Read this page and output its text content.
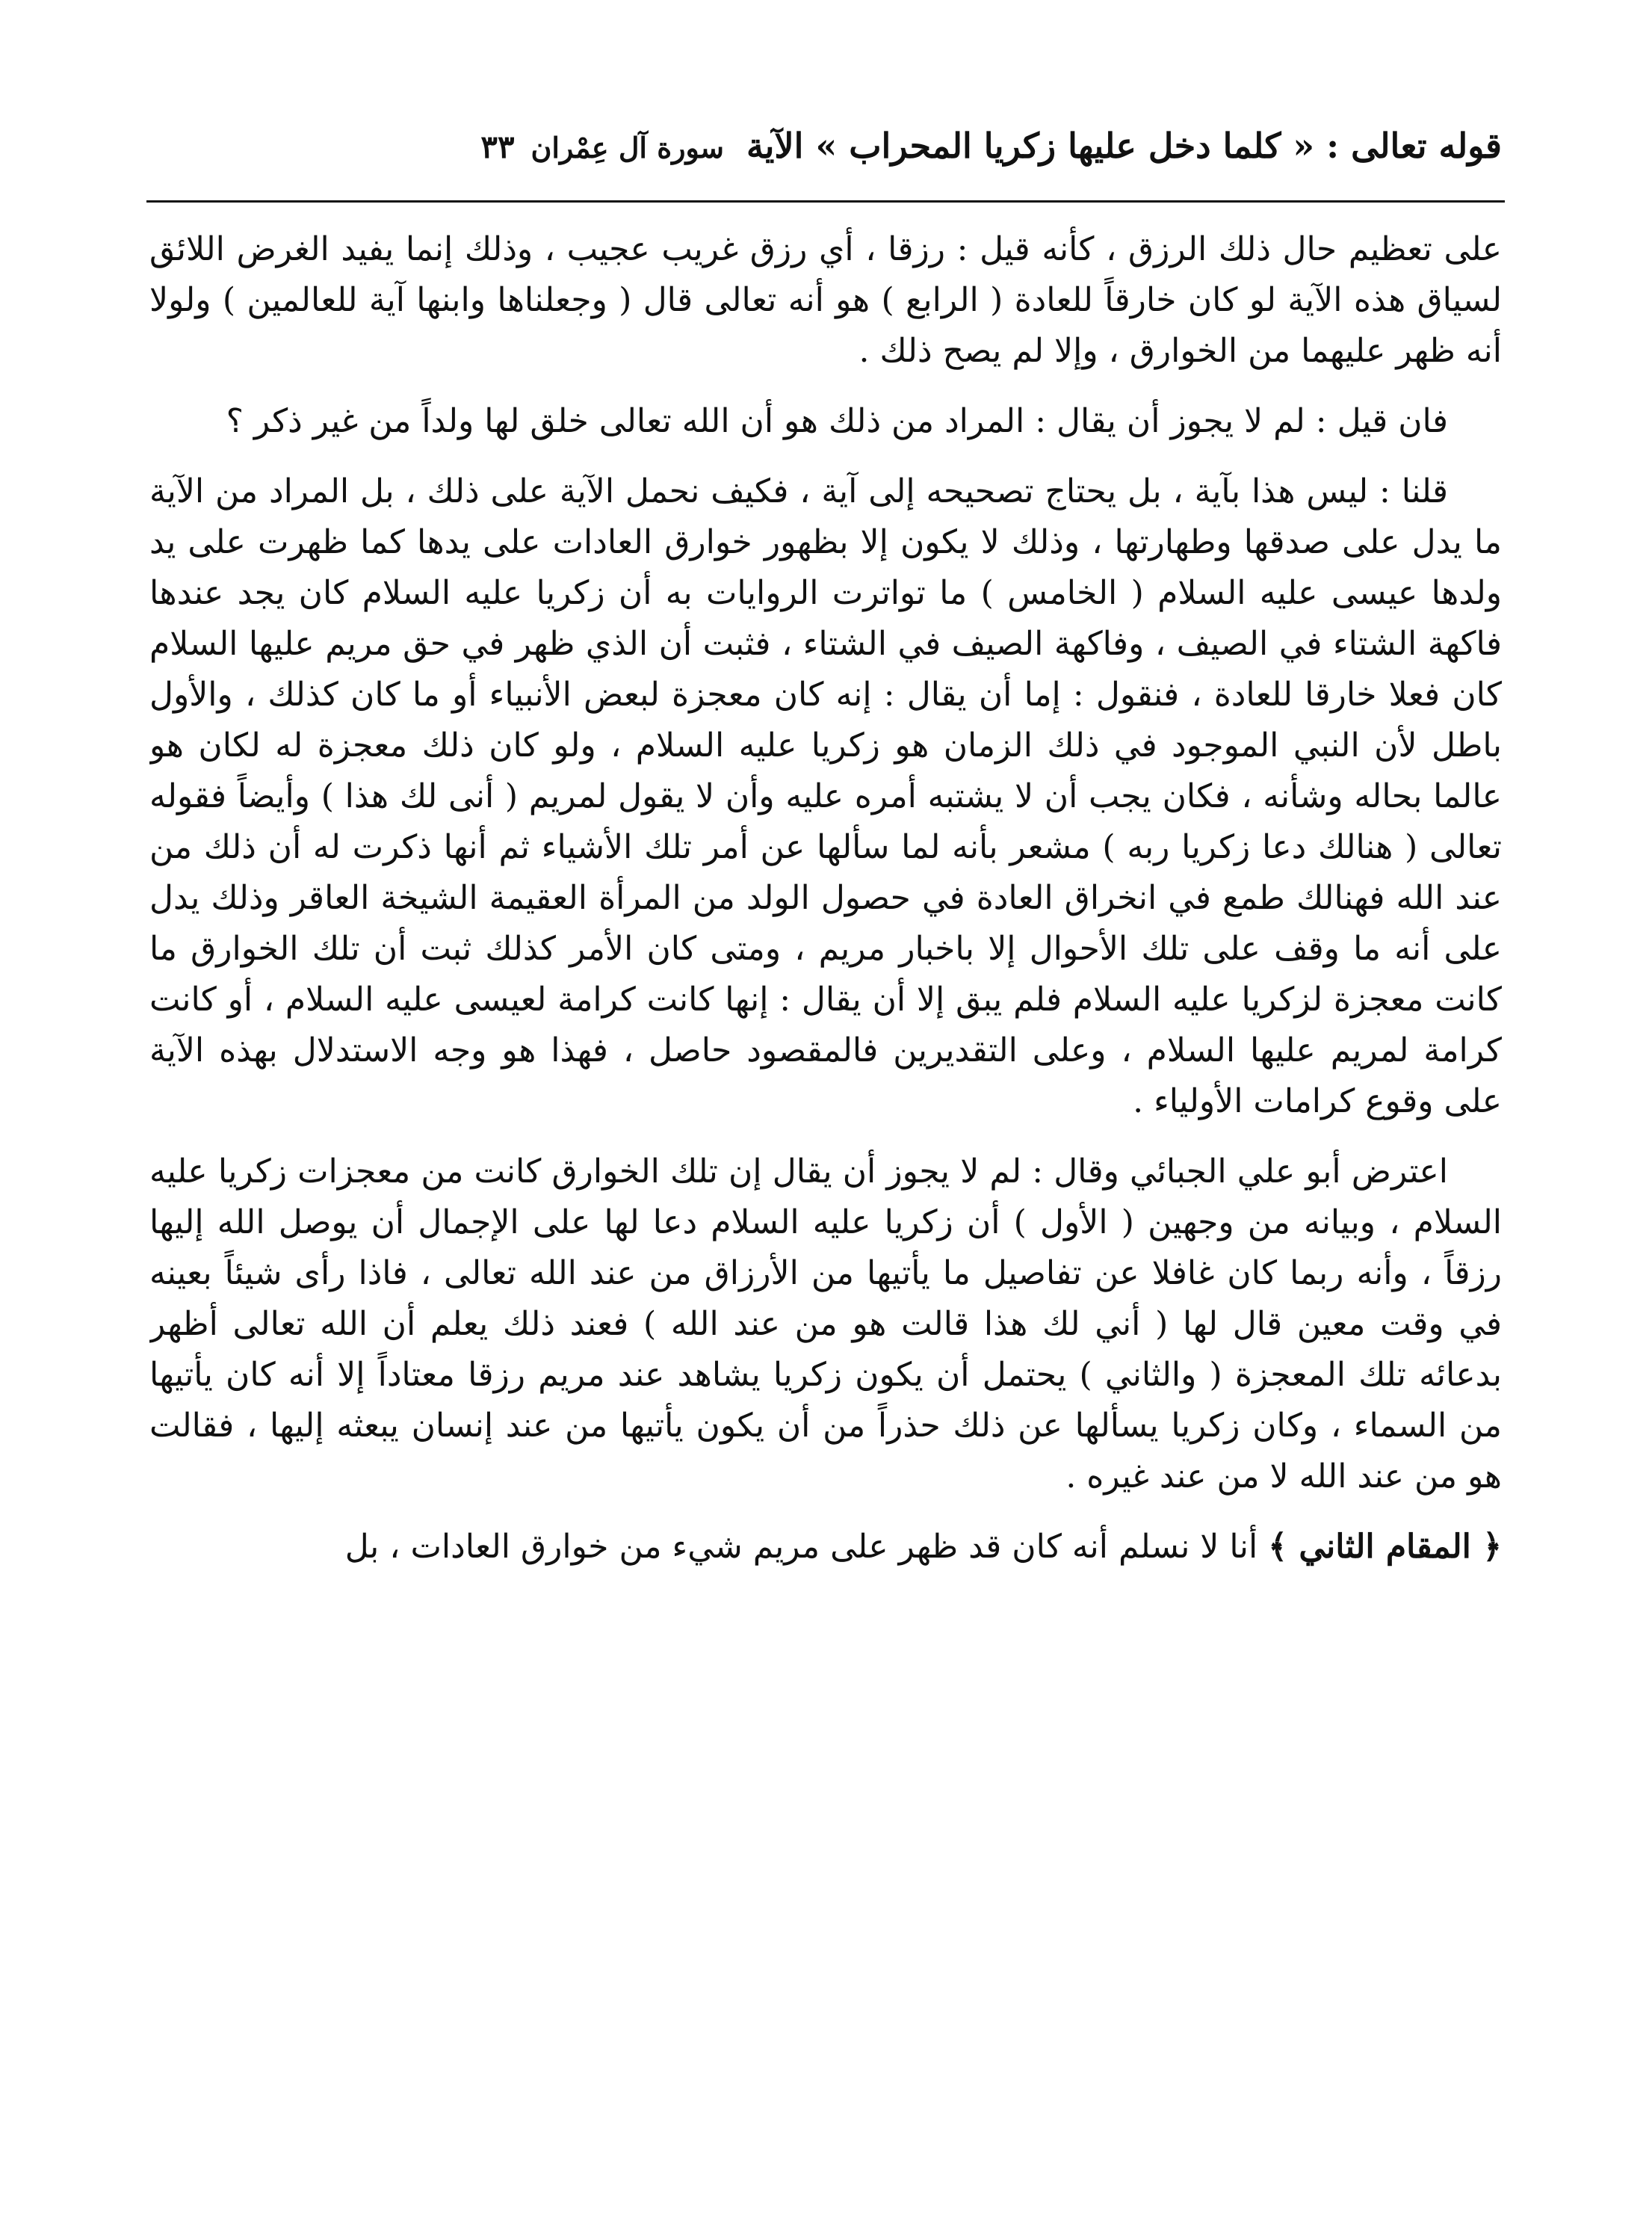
قوله تعالى : « كلما دخل عليها زكريا المحراب » الآية
سورة آل عِمْران
٣٣

على تعظيم حال ذلك الرزق ، كأنه قيل : رزقا ، أي رزق غريب عجيب ، وذلك إنما يفيد الغرض اللائق لسياق هذه الآية لو كان خارقاً للعادة ( الرابع ) هو أنه تعالى قال ( وجعلناها وابنها آية للعالمين ) ولولا أنه ظهر عليهما من الخوارق ، وإلا لم يصح ذلك .

فان قيل : لم لا يجوز أن يقال : المراد من ذلك هو أن الله تعالى خلق لها ولداً من غير ذكر ؟

قلنا : ليس هذا بآية ، بل يحتاج تصحيحه إلى آية ، فكيف نحمل الآية على ذلك ، بل المراد من الآية ما يدل على صدقها وطهارتها ، وذلك لا يكون إلا بظهور خوارق العادات على يدها كما ظهرت على يد ولدها عيسى عليه السلام ( الخامس ) ما تواترت الروايات به أن زكريا عليه السلام كان يجد عندها فاكهة الشتاء في الصيف ، وفاكهة الصيف في الشتاء ، فثبت أن الذي ظهر في حق مريم عليها السلام كان فعلا خارقا للعادة ، فنقول : إما أن يقال : إنه كان معجزة لبعض الأنبياء أو ما كان كذلك ، والأول باطل لأن النبي الموجود في ذلك الزمان هو زكريا عليه السلام ، ولو كان ذلك معجزة له لكان هو عالما بحاله وشأنه ، فكان يجب أن لا يشتبه أمره عليه وأن لا يقول لمريم ( أنى لك هذا ) وأيضاً فقوله تعالى ( هنالك دعا زكريا ربه ) مشعر بأنه لما سألها عن أمر تلك الأشياء ثم أنها ذكرت له أن ذلك من عند الله فهنالك طمع في انخراق العادة في حصول الولد من المرأة العقيمة الشيخة العاقر وذلك يدل على أنه ما وقف على تلك الأحوال إلا باخبار مريم ، ومتى كان الأمر كذلك ثبت أن تلك الخوارق ما كانت معجزة لزكريا عليه السلام فلم يبق إلا أن يقال : إنها كانت كرامة لعيسى عليه السلام ، أو كانت كرامة لمريم عليها السلام ، وعلى التقديرين فالمقصود حاصل ، فهذا هو وجه الاستدلال بهذه الآية على وقوع كرامات الأولياء .

اعترض أبو علي الجبائي وقال : لم لا يجوز أن يقال إن تلك الخوارق كانت من معجزات زكريا عليه السلام ، وبيانه من وجهين ( الأول ) أن زكريا عليه السلام دعا لها على الإجمال أن يوصل الله إليها رزقاً ، وأنه ربما كان غافلا عن تفاصيل ما يأتيها من الأرزاق من عند الله تعالى ، فاذا رأى شيئاً بعينه في وقت معين قال لها ( أني لك هذا قالت هو من عند الله ) فعند ذلك يعلم أن الله تعالى أظهر بدعائه تلك المعجزة ( والثاني ) يحتمل أن يكون زكريا يشاهد عند مريم رزقا معتاداً إلا أنه كان يأتيها من السماء ، وكان زكريا يسألها عن ذلك حذراً من أن يكون يأتيها من عند إنسان يبعثه إليها ، فقالت هو من عند الله لا من عند غيره .

﴿ المقام الثاني ﴾ أنا لا نسلم أنه كان قد ظهر على مريم شيء من خوارق العادات ، بل
